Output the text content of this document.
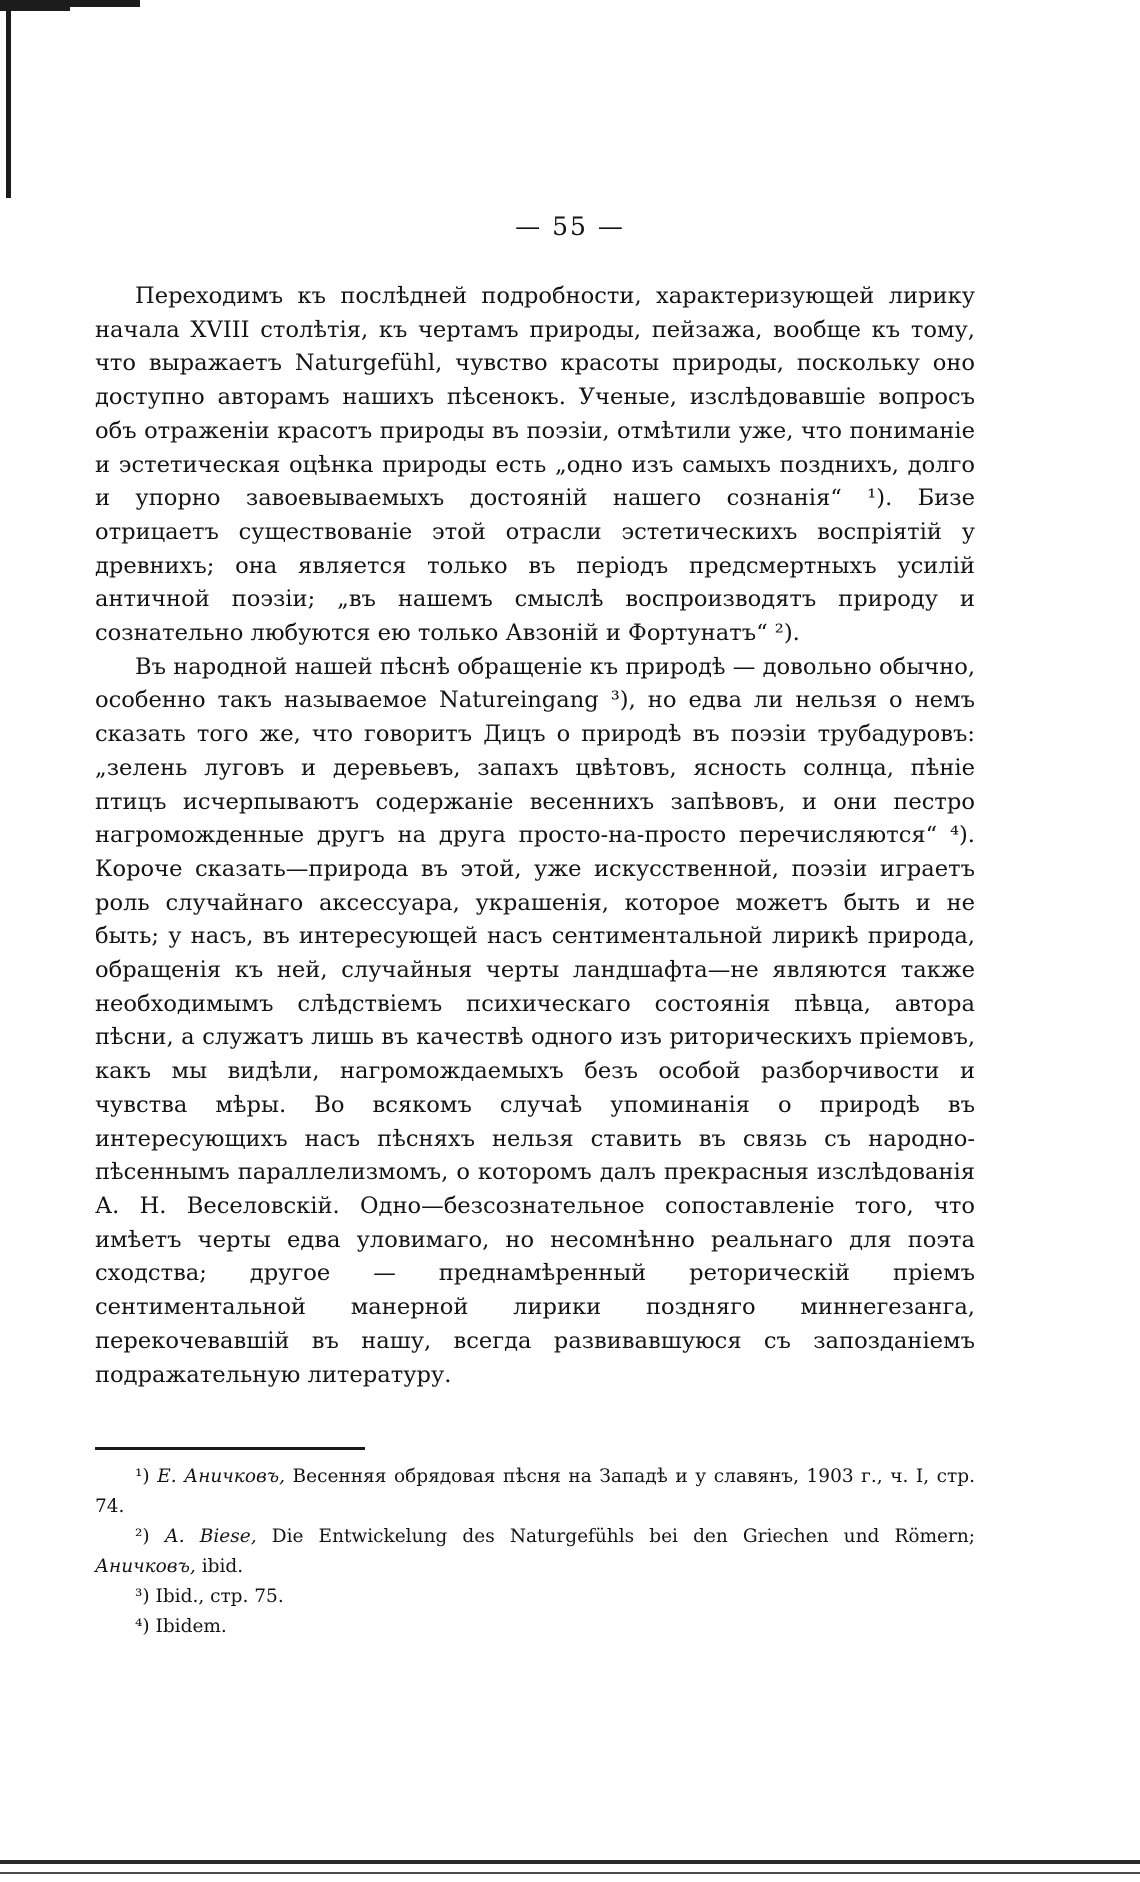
— 55 —

Переходимъ къ послѣдней подробности, характеризующей лирику начала XVIII столѣтія, къ чертамъ природы, пейзажа, вообще къ тому, что выражаетъ Naturgefühl, чувство красоты природы, поскольку оно доступно авторамъ нашихъ пѣсенокъ. Ученые, изслѣдовавшіе вопросъ объ отраженіи красотъ природы въ поэзіи, отмѣтили уже, что пониманіе и эстетическая оцѣнка природы есть „одно изъ самыхъ позднихъ, долго и упорно завоевываемыхъ достояній нашего сознанія“ ¹). Бизе отрицаетъ существованіе этой отрасли эстетическихъ воспріятій у древнихъ; она является только въ періодъ предсмертныхъ усилій античной поэзіи; „въ нашемъ смыслѣ воспроизводятъ природу и сознательно любуются ею только Авзоній и Фортунатъ“ ²).

Въ народной нашей пѣснѣ обращеніе къ природѣ — довольно обычно, особенно такъ называемое Natureingang ³), но едва ли нельзя о немъ сказать того же, что говоритъ Дицъ о природѣ въ поэзіи трубадуровъ: „зелень луговъ и деревьевъ, запахъ цвѣтовъ, ясность солнца, пѣніе птицъ исчерпываютъ содержаніе весеннихъ запѣвовъ, и они пестро нагроможденные другъ на друга просто-на-просто перечисляются“ ⁴). Короче сказать—природа въ этой, уже искусственной, поэзіи играетъ роль случайнаго аксессуара, украшенія, которое можетъ быть и не быть; у насъ, въ интересующей насъ сентиментальной лирикѣ природа, обращенія къ ней, случайныя черты ландшафта—не являются также необходимымъ слѣдствіемъ психическаго состоянія пѣвца, автора пѣсни, а служатъ лишь въ качествѣ одного изъ риторическихъ пріемовъ, какъ мы видѣли, нагромождаемыхъ безъ особой разборчивости и чувства мѣры. Во всякомъ случаѣ упоминанія о природѣ въ интересующихъ насъ пѣсняхъ нельзя ставить въ связь съ народно-пѣсеннымъ параллелизмомъ, о которомъ далъ прекрасныя изслѣдованія А. Н. Веселовскій. Одно—безсознательное сопоставленіе того, что имѣетъ черты едва уловимаго, но несомнѣнно реальнаго для поэта сходства; другое — преднамѣренный реторическій пріемъ сентиментальной манерной лирики поздняго миннегезанга, перекочевавшій въ нашу, всегда развивавшуюся съ запозданіемъ подражательную литературу.

¹) Е. Аничковъ, Весенняя обрядовая пѣсня на Западѣ и у славянъ, 1903 г., ч. I, стр. 74.

²) А. Biese, Die Entwickelung des Naturgefühls bei den Griechen und Römern; Аничковъ, ibid.

³) Ibid., стр. 75.

⁴) Ibidem.
